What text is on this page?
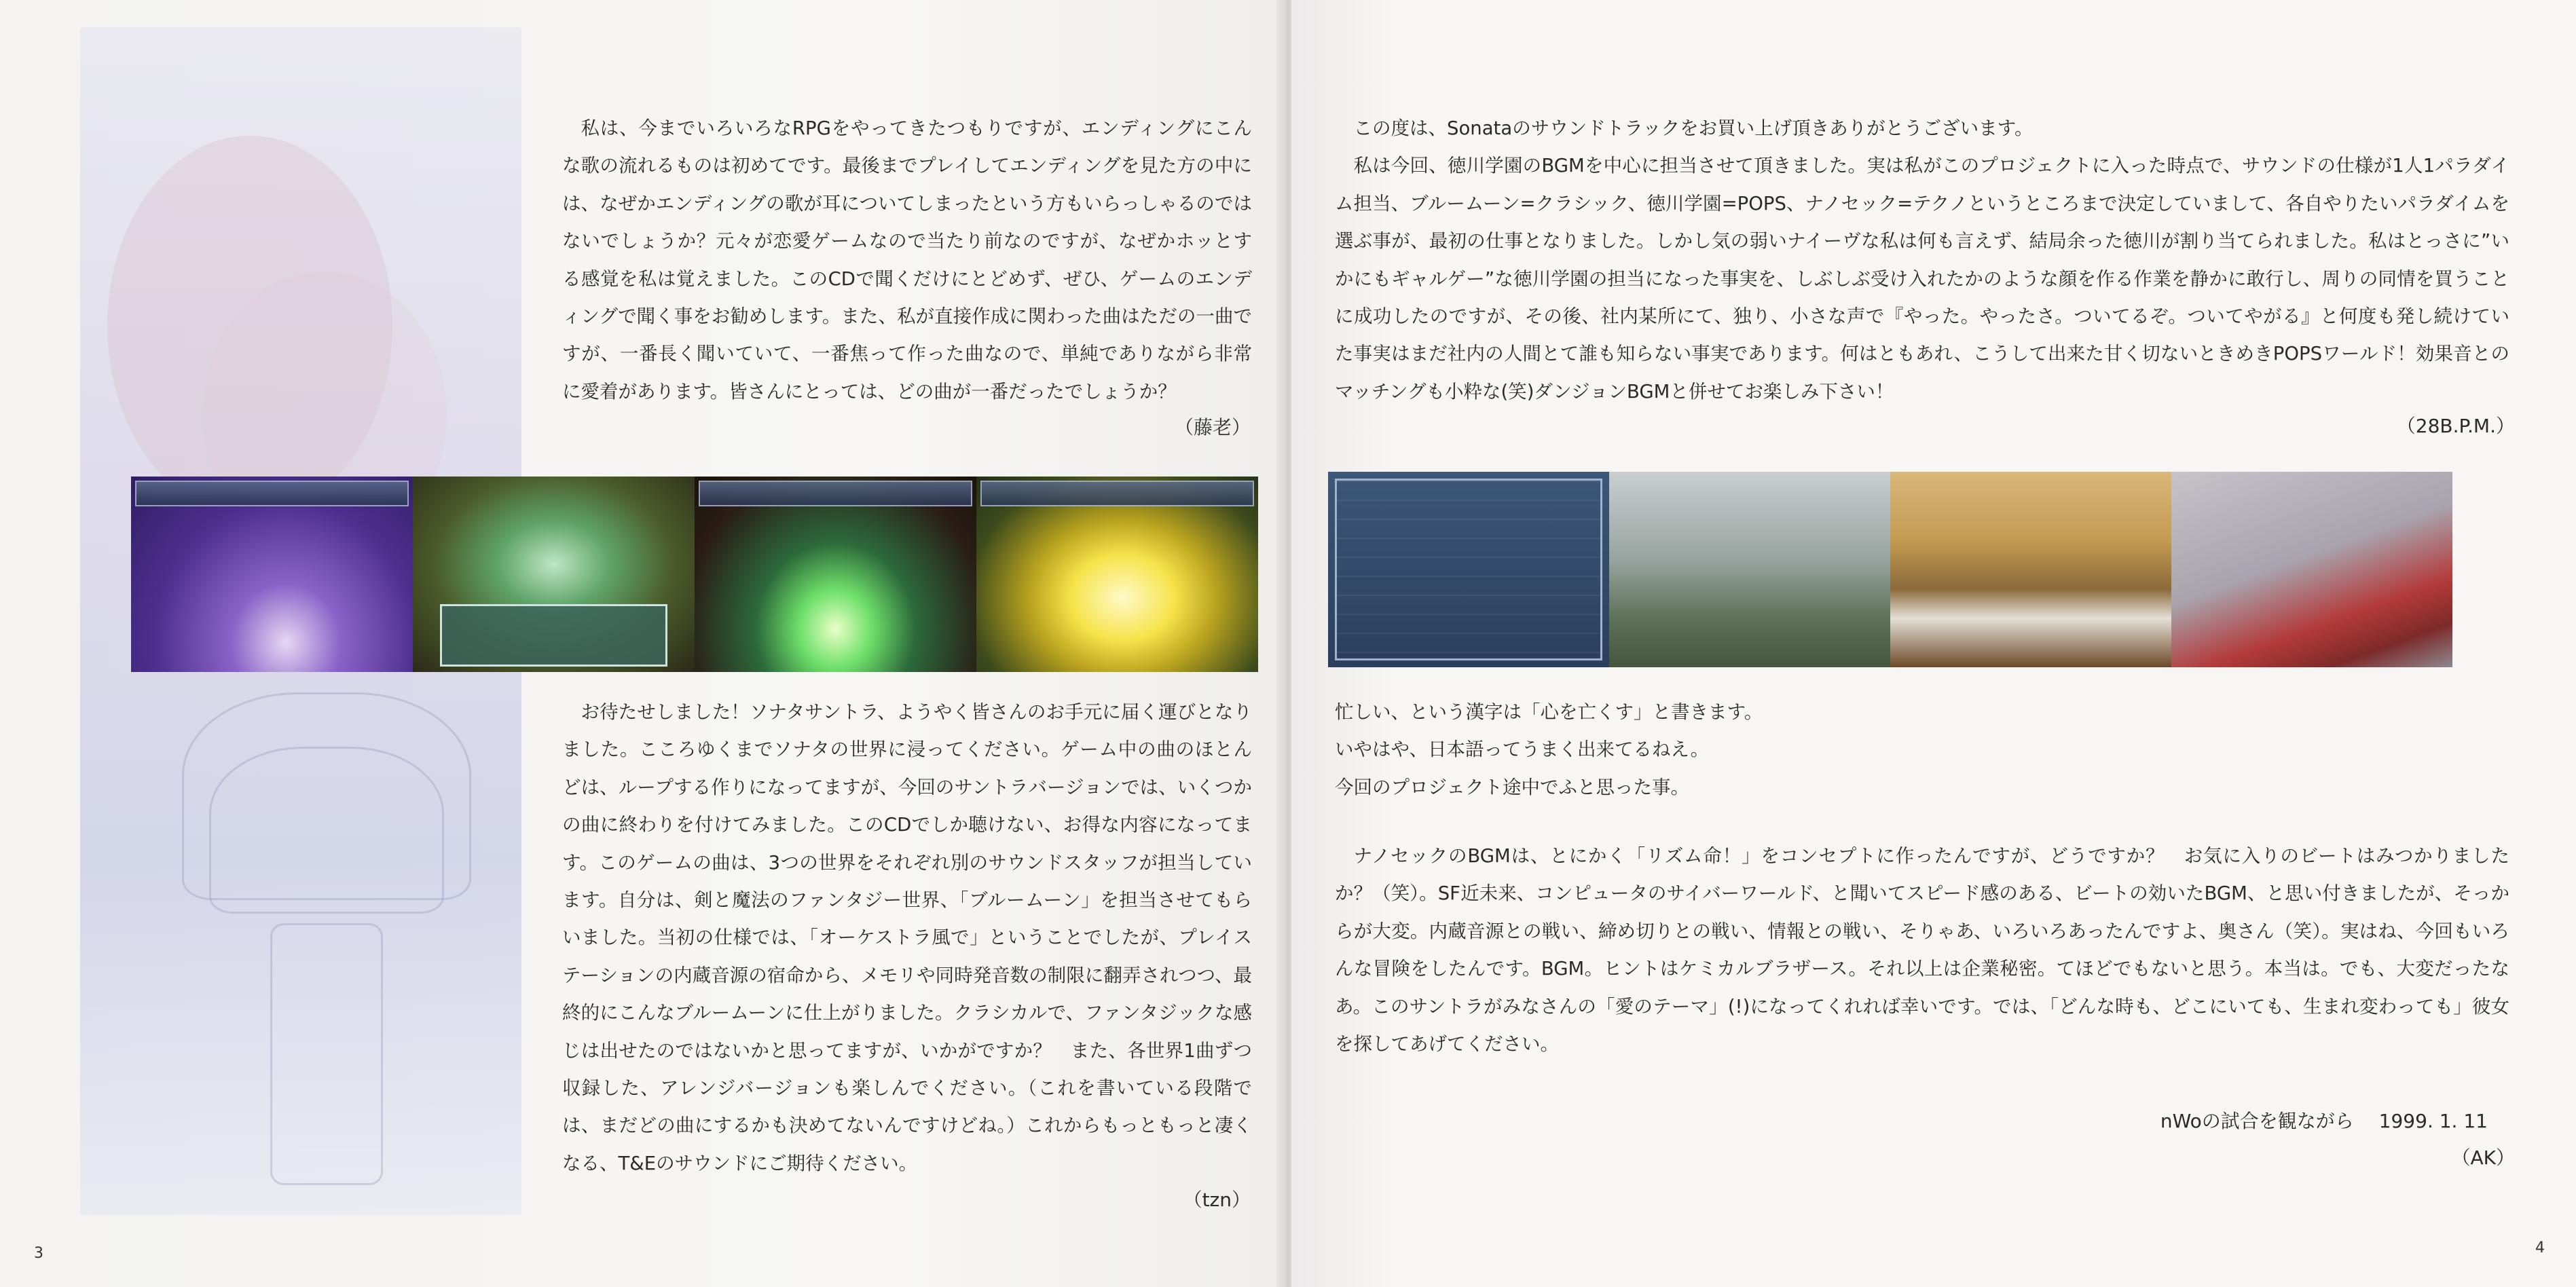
私は、今までいろいろなRPGをやってきたつもりですが、エンディングにこんな歌の流れるものは初めてです。最後までプレイしてエンディングを見た方の中には、なぜかエンディングの歌が耳についてしまったという方もいらっしゃるのではないでしょうか？元々が恋愛ゲームなので当たり前なのですが、なぜかホッとする感覚を私は覚えました。このCDで聞くだけにとどめず、ぜひ、ゲームのエンディングで聞く事をお勧めします。また、私が直接作成に関わった曲はただの一曲ですが、一番長く聞いていて、一番焦って作った曲なので、単純でありながら非常に愛着があります。皆さんにとっては、どの曲が一番だったでしょうか？

（藤老）

お待たせしました！ソナタサントラ、ようやく皆さんのお手元に届く運びとなりました。こころゆくまでソナタの世界に浸ってください。ゲーム中の曲のほとんどは、ループする作りになってますが、今回のサントラバージョンでは、いくつかの曲に終わりを付けてみました。このCDでしか聴けない、お得な内容になってます。このゲームの曲は、3つの世界をそれぞれ別のサウンドスタッフが担当しています。自分は、剣と魔法のファンタジー世界、「ブルームーン」を担当させてもらいました。当初の仕様では、「オーケストラ風で」ということでしたが、プレイステーションの内蔵音源の宿命から、メモリや同時発音数の制限に翻弄されつつ、最終的にこんなブルームーンに仕上がりました。クラシカルで、ファンタジックな感じは出せたのではないかと思ってますが、いかがですか？　また、各世界1曲ずつ収録した、アレンジバージョンも楽しんでください。（これを書いている段階では、まだどの曲にするかも決めてないんですけどね。）これからもっともっと凄くなる、T&Eのサウンドにご期待ください。

（tzn）
3

この度は、Sonataのサウンドトラックをお買い上げ頂きありがとうございます。

私は今回、徳川学園のBGMを中心に担当させて頂きました。実は私がこのプロジェクトに入った時点で、サウンドの仕様が1人1パラダイム担当、ブルームーン=クラシック、徳川学園=POPS、ナノセック=テクノというところまで決定していまして、各自やりたいパラダイムを選ぶ事が、最初の仕事となりました。しかし気の弱いナイーヴな私は何も言えず、結局余った徳川が割り当てられました。私はとっさに”いかにもギャルゲー”な徳川学園の担当になった事実を、しぶしぶ受け入れたかのような顔を作る作業を静かに敢行し、周りの同情を買うことに成功したのですが、その後、社内某所にて、独り、小さな声で『やった。やったさ。ついてるぞ。ついてやがる』と何度も発し続けていた事実はまだ社内の人間とて誰も知らない事実であります。何はともあれ、こうして出来た甘く切ないときめきPOPSワールド！効果音とのマッチングも小粋な(笑)ダンジョンBGMと併せてお楽しみ下さい！

（28B.P.M.）

忙しい、という漢字は「心を亡くす」と書きます。

いやはや、日本語ってうまく出来てるねえ。

今回のプロジェクト途中でふと思った事。

ナノセックのBGMは、とにかく「リズム命！」をコンセプトに作ったんですが、どうですか？　お気に入りのビートはみつかりましたか？（笑）。SF近未来、コンピュータのサイバーワールド、と聞いてスピード感のある、ビートの効いたBGM、と思い付きましたが、そっからが大変。内蔵音源との戦い、締め切りとの戦い、情報との戦い、そりゃあ、いろいろあったんですよ、奥さん（笑）。実はね、今回もいろんな冒険をしたんです。BGM。ヒントはケミカルブラザース。それ以上は企業秘密。てほどでもないと思う。本当は。でも、大変だったなあ。このサントラがみなさんの「愛のテーマ」(!)になってくれれば幸いです。では、「どんな時も、どこにいても、生まれ変わっても」彼女を探してあげてください。

nWoの試合を観ながら　 1999. 1. 11
（AK）
4
